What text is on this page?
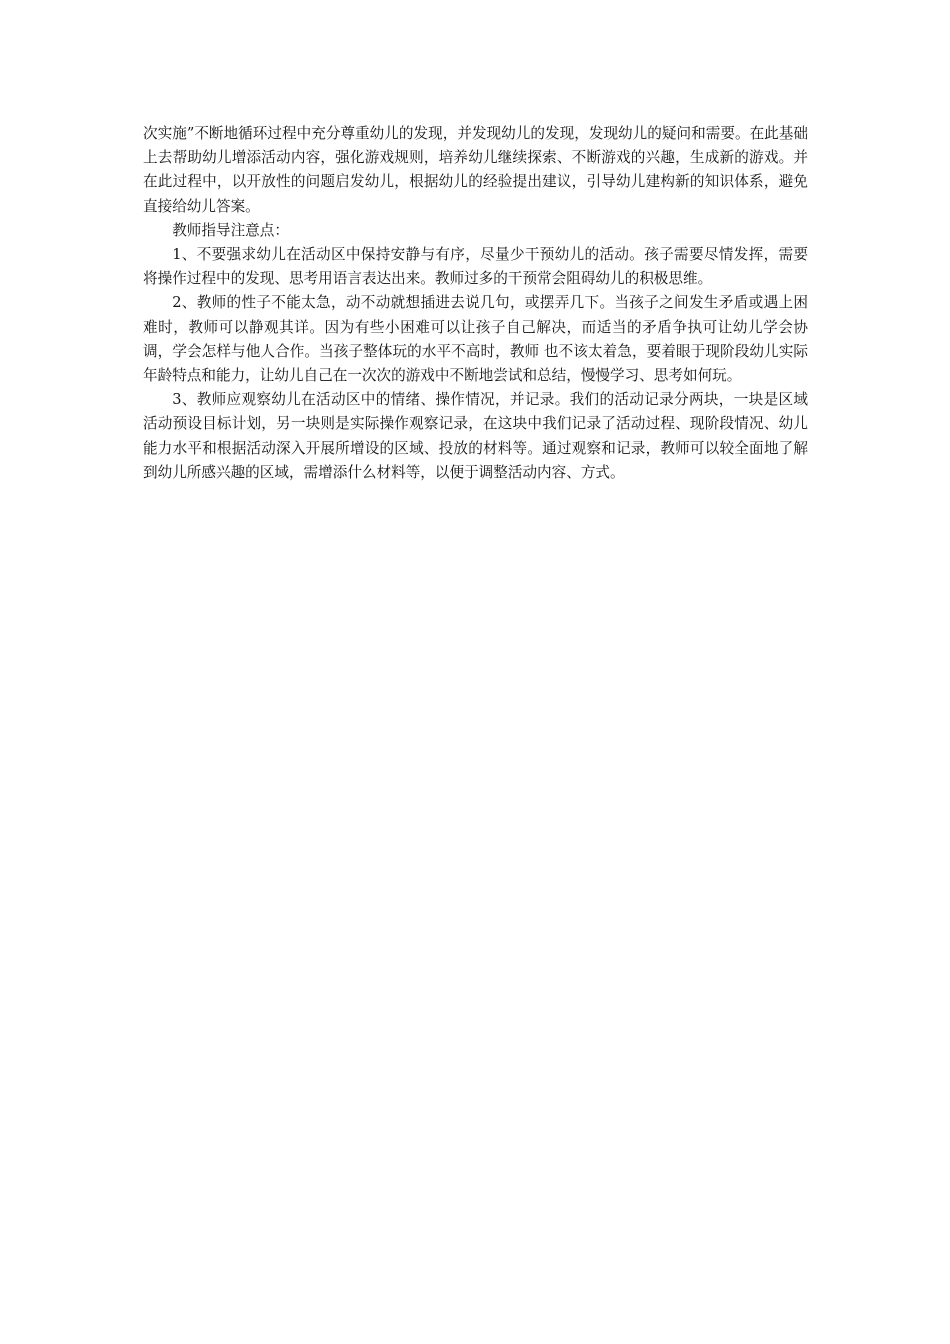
次实施”不断地循环过程中充分尊重幼儿的发现，并发现幼儿的发现，发现幼儿的疑问和需要。在此基础上去帮助幼儿增添活动内容，强化游戏规则，培养幼儿继续探索、不断游戏的兴趣，生成新的游戏。并在此过程中，以开放性的问题启发幼儿，根据幼儿的经验提出建议，引导幼儿建构新的知识体系，避免直接给幼儿答案。

教师指导注意点：

1、不要强求幼儿在活动区中保持安静与有序，尽量少干预幼儿的活动。孩子需要尽情发挥，需要将操作过程中的发现、思考用语言表达出来。教师过多的干预常会阻碍幼儿的积极思维。

2、教师的性子不能太急，动不动就想插进去说几句，或摆弄几下。当孩子之间发生矛盾或遇上困难时，教师可以静观其详。因为有些小困难可以让孩子自己解决，而适当的矛盾争执可让幼儿学会协调，学会怎样与他人合作。当孩子整体玩的水平不高时，教师 也不该太着急，要着眼于现阶段幼儿实际年龄特点和能力，让幼儿自己在一次次的游戏中不断地尝试和总结，慢慢学习、思考如何玩。

3、教师应观察幼儿在活动区中的情绪、操作情况，并记录。我们的活动记录分两块，一块是区域活动预设目标计划，另一块则是实际操作观察记录，在这块中我们记录了活动过程、现阶段情况、幼儿能力水平和根据活动深入开展所增设的区域、投放的材料等。通过观察和记录，教师可以较全面地了解到幼儿所感兴趣的区域，需增添什么材料等，以便于调整活动内容、方式。
